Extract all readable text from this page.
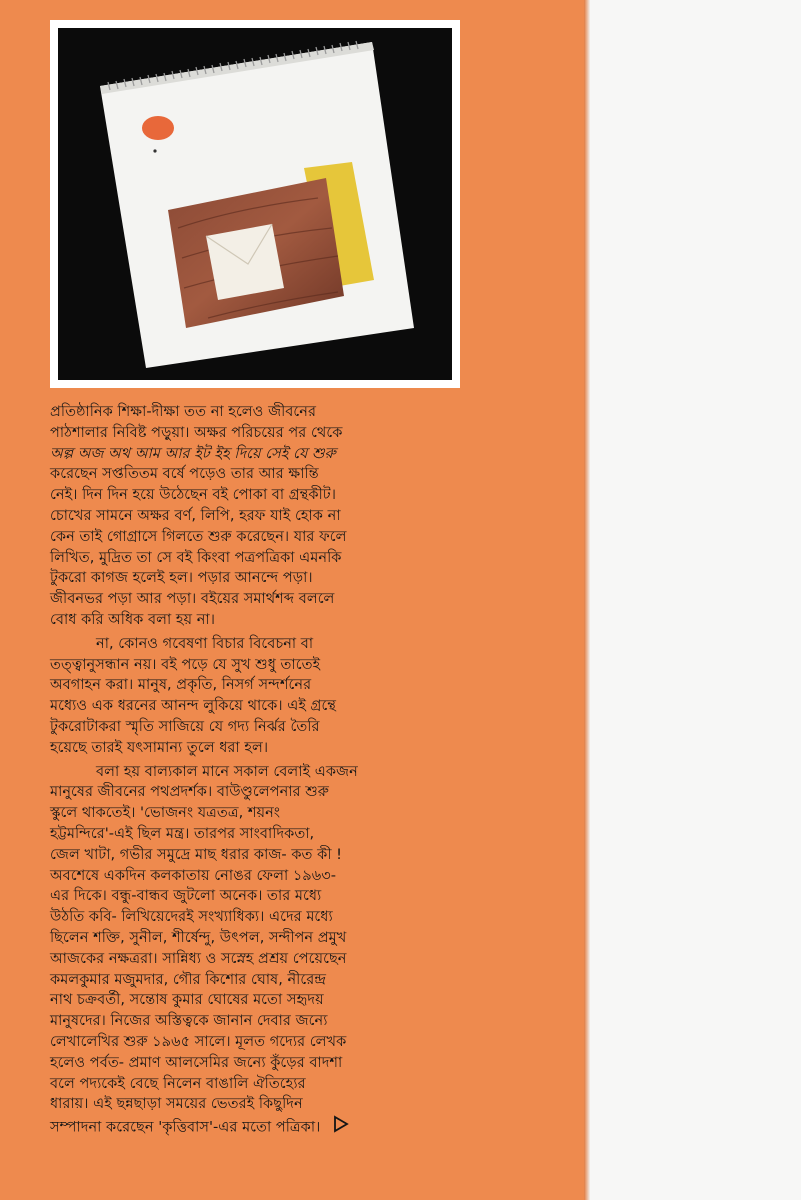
প্রতিষ্ঠানিক শিক্ষা-দীক্ষা তত না হলেও জীবনের
পাঠশালার নিবিষ্ট পড়ুয়া। অক্ষর পরিচয়ের পর থেকে
অল্প অজ অথ আম আর ইট ইহ দিয়ে সেই যে শুরু
করেছেন সপ্ততিতম বর্ষে পড়েও তার আর ক্ষান্তি
নেই। দিন দিন হয়ে উঠেছেন বই পোকা বা গ্রন্থকীট।
চোখের সামনে অক্ষর বর্ণ, লিপি, হরফ যাই হোক না
কেন তাই গোগ্রাসে গিলতে শুরু করেছেন। যার ফলে
লিখিত, মুদ্রিত তা সে বই কিংবা পত্রপত্রিকা এমনকি
টুকরো কাগজ হলেই হল। পড়ার আনন্দে পড়া।
জীবনভর পড়া আর পড়া। বইয়ের সমার্থশব্দ বললে
বোধ করি অধিক বলা হয় না।

না, কোনও গবেষণা বিচার বিবেচনা বা
তত্ত্বানুসন্ধান নয়। বই পড়ে যে সুখ শুধু তাতেই
অবগাহন করা। মানুষ, প্রকৃতি, নিসর্গ সন্দর্শনের
মধ্যেও এক ধরনের আনন্দ লুকিয়ে থাকে। এই গ্রন্থে
টুকরোটাকরা স্মৃতি সাজিয়ে যে গদ্য নির্ঝর তৈরি
হয়েছে তারই যৎসামান্য তুলে ধরা হল।

বলা হয় বাল্যকাল মানে সকাল বেলাই একজন
মানুষের জীবনের পথপ্রদর্শক। বাউণ্ডুলেপনার শুরু
স্কুলে থাকতেই। 'ভোজনং যত্রতত্র, শয়নং
হট্টমন্দিরে'-এই ছিল মন্ত্র। তারপর সাংবাদিকতা,
জেল খাটা, গভীর সমুদ্রে মাছ ধরার কাজ- কত কী !
অবশেষে একদিন কলকাতায় নোঙর ফেলা ১৯৬৩-
এর দিকে। বন্ধু-বান্ধব জুটলো অনেক। তার মধ্যে
উঠতি কবি- লিখিয়েদেরই সংখ্যাধিক্য। এদের মধ্যে
ছিলেন শক্তি, সুনীল, শীর্ষেন্দু, উৎপল, সন্দীপন প্রমুখ
আজকের নক্ষত্ররা। সান্নিধ্য ও সস্নেহ প্রশ্রয় পেয়েছেন
কমলকুমার মজুমদার, গৌর কিশোর ঘোষ, নীরেন্দ্র
নাথ চক্রবর্তী, সন্তোষ কুমার ঘোষের মতো সহৃদয়
মানুষদের। নিজের অস্তিত্বকে জানান দেবার জন্যে
লেখালেখির শুরু ১৯৬৫ সালে। মূলত গদ্যের লেখক
হলেও পর্বত- প্রমাণ আলসেমির জন্যে কুঁড়ের বাদশা
বলে পদ্যকেই বেছে নিলেন বাঙালি ঐতিহ্যের
ধারায়। এই ছন্নছাড়া সময়ের ভেতরই কিছুদিন
সম্পাদনা করেছেন 'কৃত্তিবাস'-এর মতো পত্রিকা।
